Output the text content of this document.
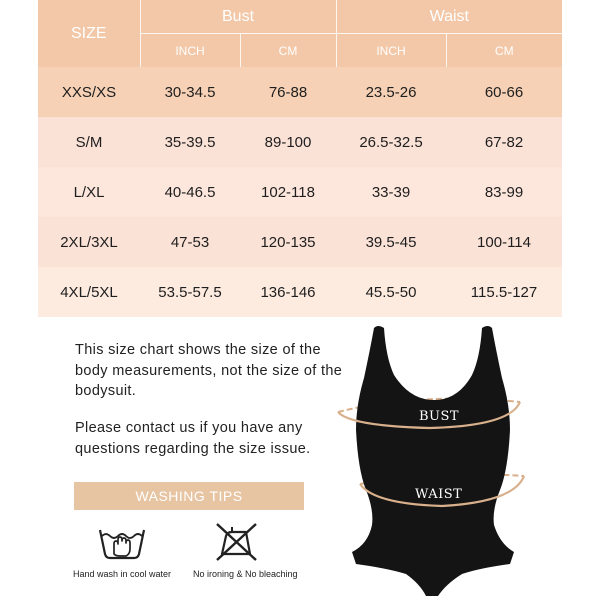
SIZE	Bust		Waist	
	INCH	CM	INCH	CM
XXS/XS	30-34.5	76-88	23.5-26	60-66
S/M	35-39.5	89-100	26.5-32.5	67-82
L/XL	40-46.5	102-118	33-39	83-99
2XL/3XL	47-53	120-135	39.5-45	100-114
4XL/5XL	53.5-57.5	136-146	45.5-50	115.5-127
This size chart shows the size of the body measurements, not the size of the bodysuit.
Please contact us if you have any questions regarding the size issue.
WASHING TIPS
Hand wash in cool water No ironing & No bleaching
BUST
WAIST
